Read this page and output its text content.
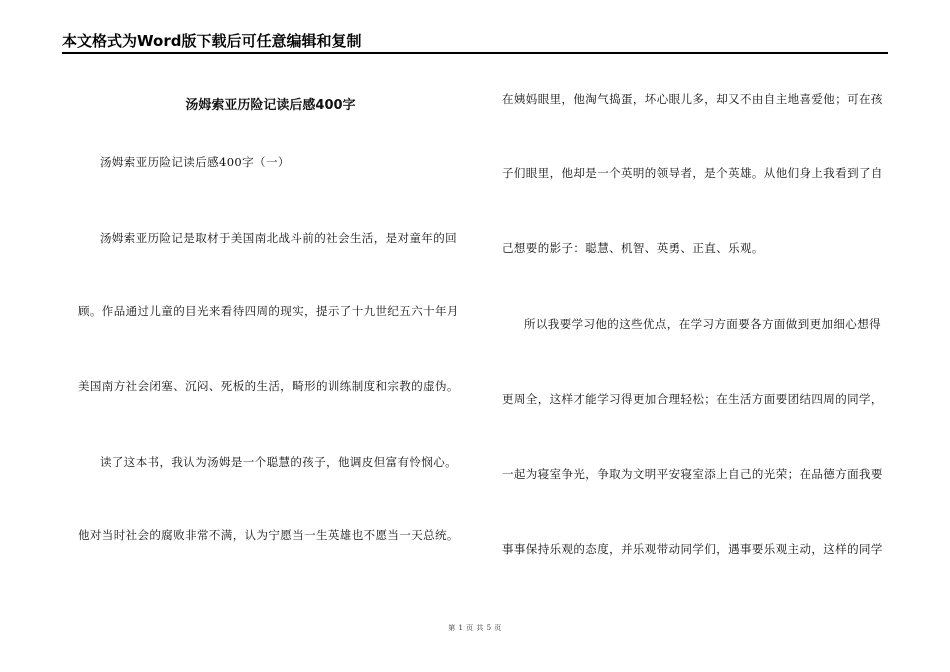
本文格式为Word版下载后可任意编辑和复制
汤姆索亚历险记读后感400字
汤姆索亚历险记读后感400字（一）
汤姆索亚历险记是取材于美国南北战斗前的社会生活，是对童年的回
顾。作品通过儿童的目光来看待四周的现实，提示了十九世纪五六十年月
美国南方社会闭塞、沉闷、死板的生活，畸形的训练制度和宗教的虚伪。
读了这本书，我认为汤姆是一个聪慧的孩子，他调皮但富有怜悯心。
他对当时社会的腐败非常不满，认为宁愿当一生英雄也不愿当一天总统。
在姨妈眼里，他淘气捣蛋，坏心眼儿多，却又不由自主地喜爱他；可在孩
子们眼里，他却是一个英明的领导者，是个英雄。从他们身上我看到了自
己想要的影子：聪慧、机智、英勇、正直、乐观。
所以我要学习他的这些优点，在学习方面要各方面做到更加细心想得
更周全，这样才能学习得更加合理轻松；在生活方面要团结四周的同学，
一起为寝室争光，争取为文明平安寝室添上自己的光荣；在品德方面我要
事事保持乐观的态度，并乐观带动同学们，遇事要乐观主动，这样的同学
第 1 页 共 5 页
